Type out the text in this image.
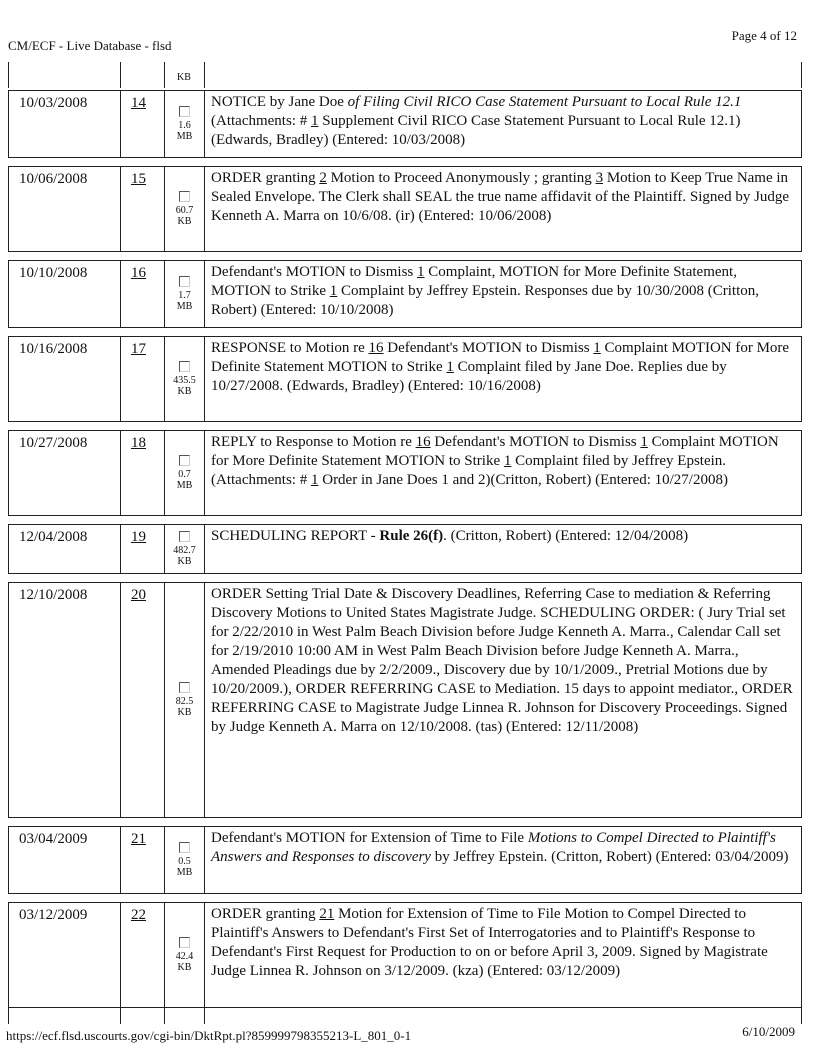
CM/ECF - Live Database - flsd
Page 4 of 12
KB
10/03/2008	14
1.6
MB
NOTICE by Jane Doe of Filing Civil RICO Case Statement Pursuant to Local Rule 12.1 (Attachments: # 1 Supplement Civil RICO Case Statement Pursuant to Local Rule 12.1)(Edwards, Bradley) (Entered: 10/03/2008)
10/06/2008	15
60.7
KB
ORDER granting 2 Motion to Proceed Anonymously ; granting 3 Motion to Keep True Name in Sealed Envelope. The Clerk shall SEAL the true name affidavit of the Plaintiff. Signed by Judge Kenneth A. Marra on 10/6/08. (ir) (Entered: 10/06/2008)
10/10/2008	16
1.7
MB
Defendant's MOTION to Dismiss 1 Complaint, MOTION for More Definite Statement, MOTION to Strike 1 Complaint by Jeffrey Epstein. Responses due by 10/30/2008 (Critton, Robert) (Entered: 10/10/2008)
10/16/2008	17
435.5
KB
RESPONSE to Motion re 16 Defendant's MOTION to Dismiss 1 Complaint MOTION for More Definite Statement MOTION to Strike 1 Complaint filed by Jane Doe. Replies due by 10/27/2008. (Edwards, Bradley) (Entered: 10/16/2008)
10/27/2008	18
0.7
MB
REPLY to Response to Motion re 16 Defendant's MOTION to Dismiss 1 Complaint MOTION for More Definite Statement MOTION to Strike 1 Complaint filed by Jeffrey Epstein. (Attachments: # 1 Order in Jane Does 1 and 2)(Critton, Robert) (Entered: 10/27/2008)
12/04/2008	19
482.7
KB
SCHEDULING REPORT - Rule 26(f). (Critton, Robert) (Entered: 12/04/2008)
12/10/2008	20
82.5
KB
ORDER Setting Trial Date & Discovery Deadlines, Referring Case to mediation & Referring Discovery Motions to United States Magistrate Judge. SCHEDULING ORDER: ( Jury Trial set for 2/22/2010 in West Palm Beach Division before Judge Kenneth A. Marra., Calendar Call set for 2/19/2010 10:00 AM in West Palm Beach Division before Judge Kenneth A. Marra., Amended Pleadings due by 2/2/2009., Discovery due by 10/1/2009., Pretrial Motions due by 10/20/2009.), ORDER REFERRING CASE to Mediation. 15 days to appoint mediator., ORDER REFERRING CASE to Magistrate Judge Linnea R. Johnson for Discovery Proceedings. Signed by Judge Kenneth A. Marra on 12/10/2008. (tas) (Entered: 12/11/2008)
03/04/2009	21
0.5
MB
Defendant's MOTION for Extension of Time to File Motions to Compel Directed to Plaintiff's Answers and Responses to discovery by Jeffrey Epstein. (Critton, Robert) (Entered: 03/04/2009)
03/12/2009	22
42.4
KB
ORDER granting 21 Motion for Extension of Time to File Motion to Compel Directed to Plaintiff's Answers to Defendant's First Set of Interrogatories and to Plaintiff's Response to Defendant's First Request for Production to on or before April 3, 2009. Signed by Magistrate Judge Linnea R. Johnson on 3/12/2009. (kza) (Entered: 03/12/2009)
https://ecf.flsd.uscourts.gov/cgi-bin/DktRpt.pl?859999798355213-L_801_0-1	6/10/2009
